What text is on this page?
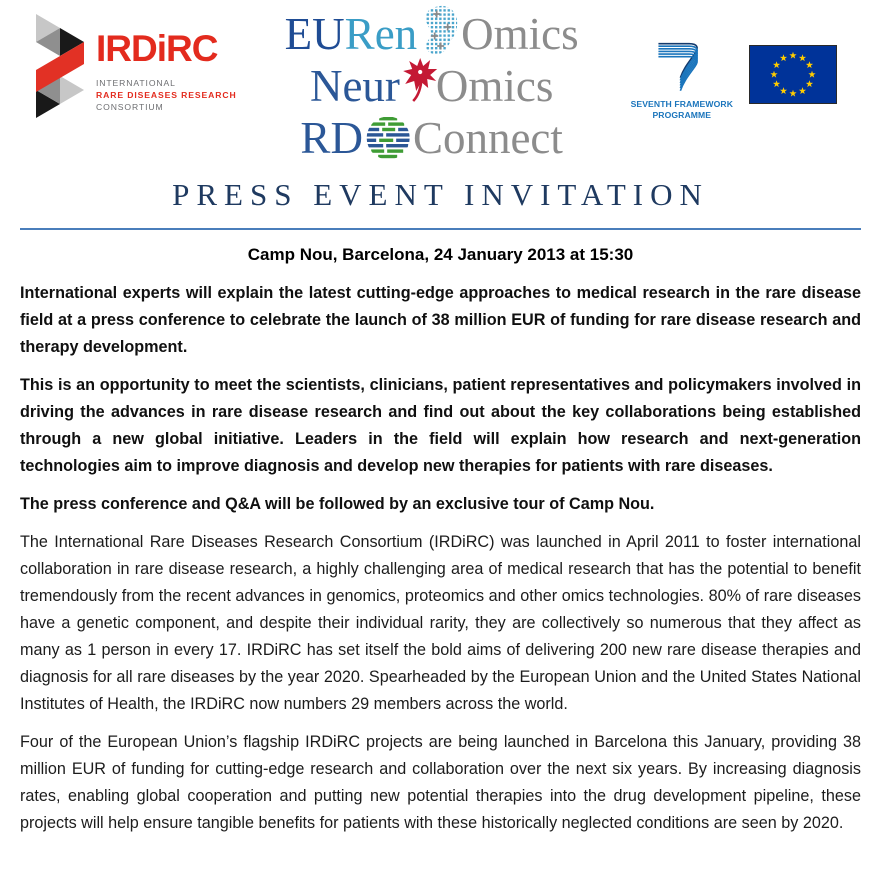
IRDiRC
INTERNATIONAL
RARE DISEASES RESEARCH
CONSORTIUM
EU Ren Omics
Neur Omics
RD Connect
SEVENTH FRAMEWORK
PROGRAMME
PRESS EVENT INVITATION
Camp Nou, Barcelona, 24 January 2013 at 15:30

International experts will explain the latest cutting-edge approaches to medical research in the rare disease field at a press conference to celebrate the launch of 38 million EUR of funding for rare disease research and therapy development.

This is an opportunity to meet the scientists, clinicians, patient representatives and policymakers involved in driving the advances in rare disease research and find out about the key collaborations being established through a new global initiative. Leaders in the field will explain how research and next-generation technologies aim to improve diagnosis and develop new therapies for patients with rare diseases.

The press conference and Q&A will be followed by an exclusive tour of Camp Nou.

The International Rare Diseases Research Consortium (IRDiRC) was launched in April 2011 to foster international collaboration in rare disease research, a highly challenging area of medical research that has the potential to benefit tremendously from the recent advances in genomics, proteomics and other omics technologies. 80% of rare diseases have a genetic component, and despite their individual rarity, they are collectively so numerous that they affect as many as 1 person in every 17. IRDiRC has set itself the bold aims of delivering 200 new rare disease therapies and diagnosis for all rare diseases by the year 2020. Spearheaded by the European Union and the United States National Institutes of Health, the IRDiRC now numbers 29 members across the world.

Four of the European Union’s flagship IRDiRC projects are being launched in Barcelona this January, providing 38 million EUR of funding for cutting-edge research and collaboration over the next six years. By increasing diagnosis rates, enabling global cooperation and putting new potential therapies into the drug development pipeline, these projects will help ensure tangible benefits for patients with these historically neglected conditions are seen by 2020.
